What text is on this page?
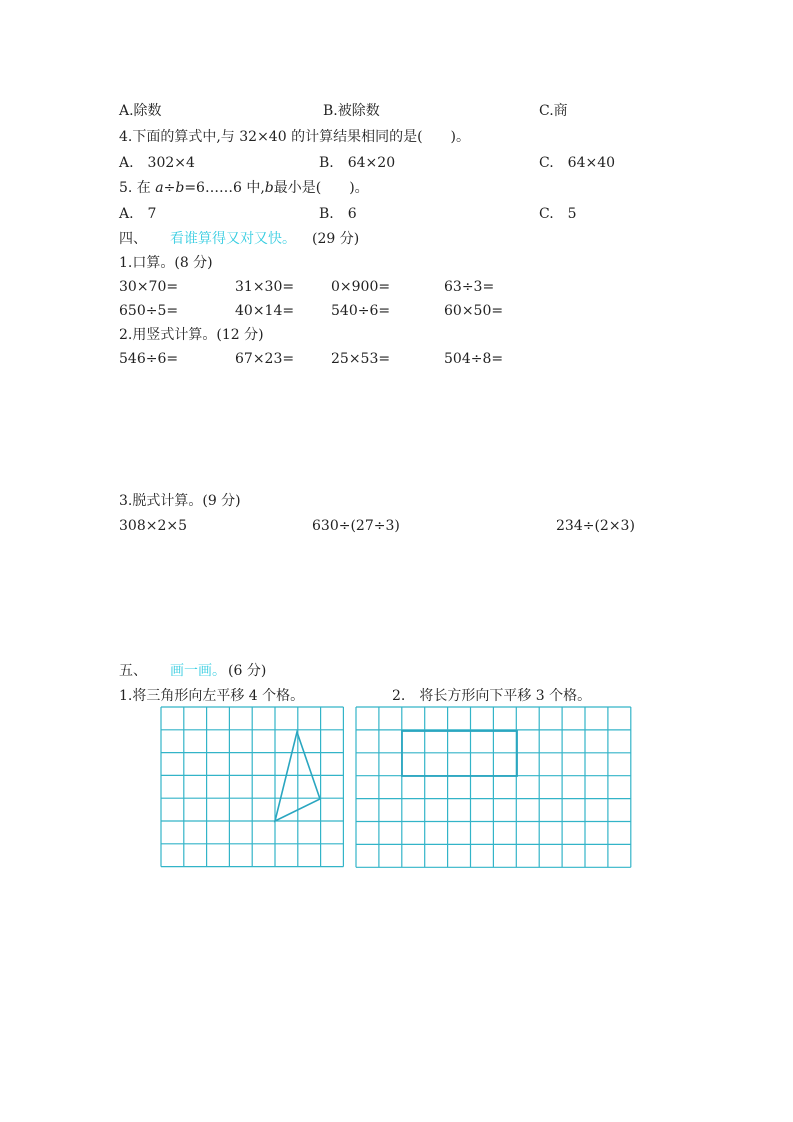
A.除数	B.被除数	C.商
4.下面的算式中,与 32×40 的计算结果相同的是(　　)。
A.　302×4	B.　64×20	C.　64×40
5. 在 a÷b=6……6 中,b最小是(　　)。
A.　7	B.　6	C.　5
四、 看谁算得又对又快。 (29 分)
1.口算。(8 分)
30×70=	31×30=	0×900=	63÷3=
650÷5=	40×14=	540÷6=	60×50=
2.用竖式计算。(12 分)
546÷6=	67×23=	25×53=	504÷8=
3.脱式计算。(9 分)
308×2×5	630÷(27÷3)	234÷(2×3)
五、 画一画。 (6 分)
1.将三角形向左平移 4 个格。	2.　将长方形向下平移 3 个格。
